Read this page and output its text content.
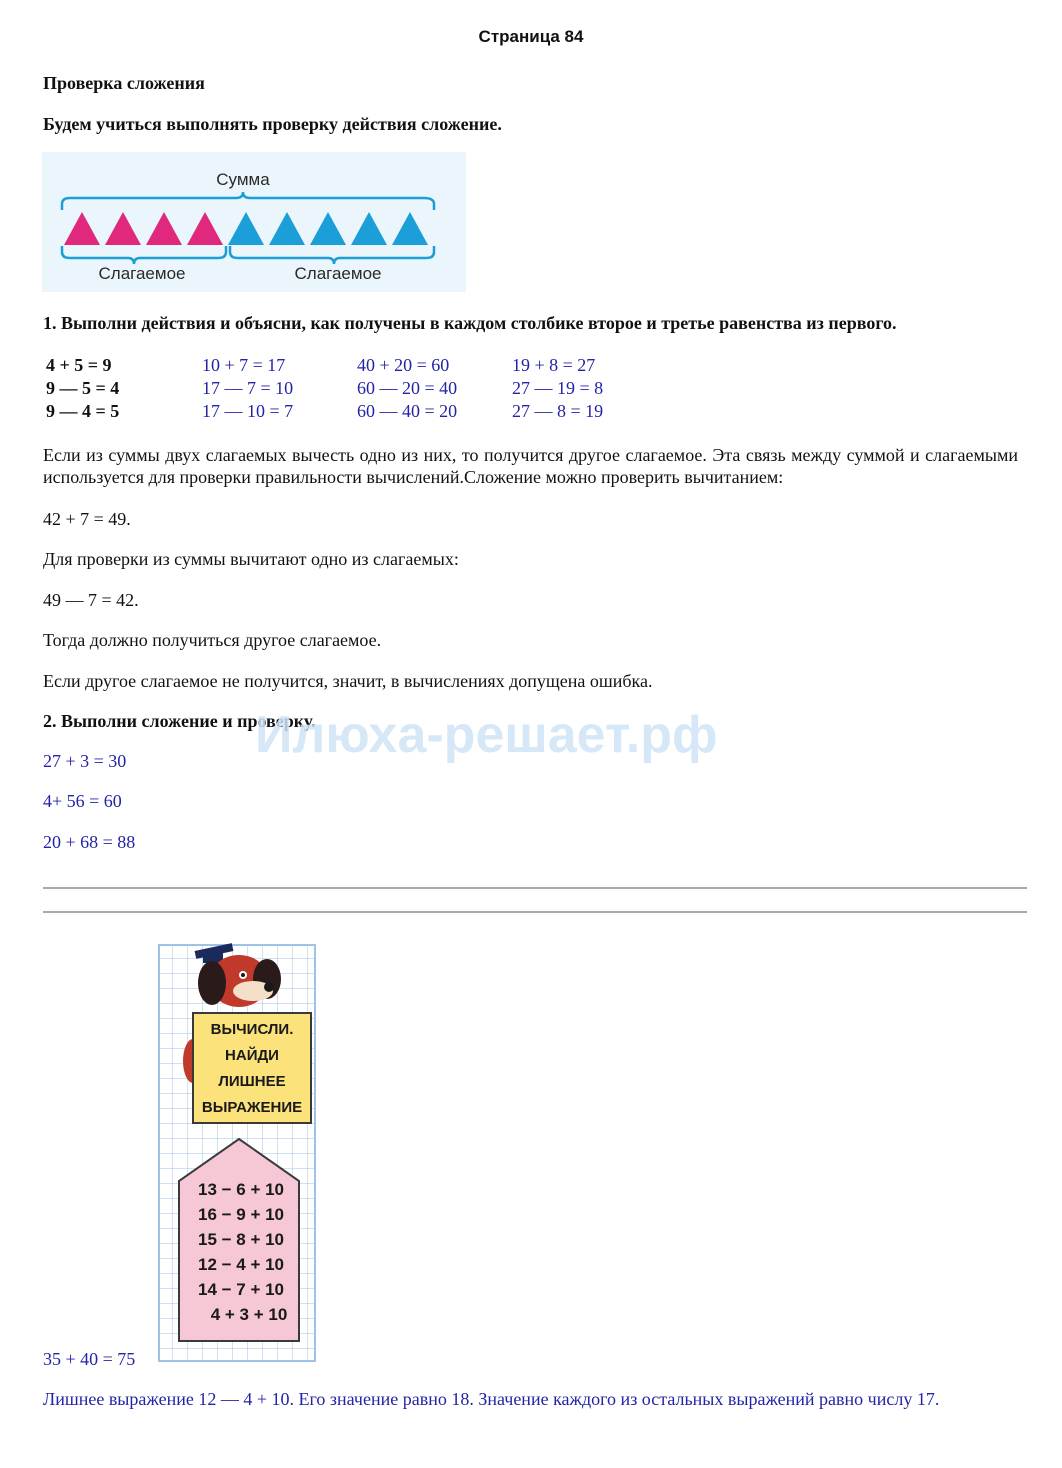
Страница 84
Проверка сложения
Будем учиться выполнять проверку действия сложение.
Сумма
Слагаемое	Слагаемое
1. Выполни действия и объясни, как получены в каждом столбике второе и третье равенства из первого.
4 + 5 = 9
9 — 5 = 4
9 — 4 = 5
10 + 7 = 17
17 — 7 = 10
17 — 10 = 7
40 + 20 = 60
60 — 20 = 40
60 — 40 = 20
19 + 8 = 27
27 — 19 = 8
27 — 8 = 19
Если из суммы двух слагаемых вычесть одно из них, то получится другое слагаемое. Эта связь между суммой и слагаемыми используется для проверки правильности вычислений.Сложение можно проверить вычитанием:
42 + 7 = 49.
Для проверки из суммы вычитают одно из слагаемых:
49 — 7 = 42.
Тогда должно получиться другое слагаемое.
Если другое слагаемое не получится, значит, в вычислениях допущена ошибка.
2. Выполни сложение и проверку.
Илюха-решает.рф
27 + 3 = 30
4+ 56 = 60
20 + 68 = 88
ВЫЧИСЛИ.
НАЙДИ
ЛИШНЕЕ
ВЫРАЖЕНИЕ
13 − 6 + 10
16 − 9 + 10
15 − 8 + 10
12 − 4 + 10
14 − 7 + 10
4 + 3 + 10
35 + 40 = 75
Лишнее выражение 12 — 4 + 10. Его значение равно 18. Значение каждого из остальных выражений равно числу 17.
